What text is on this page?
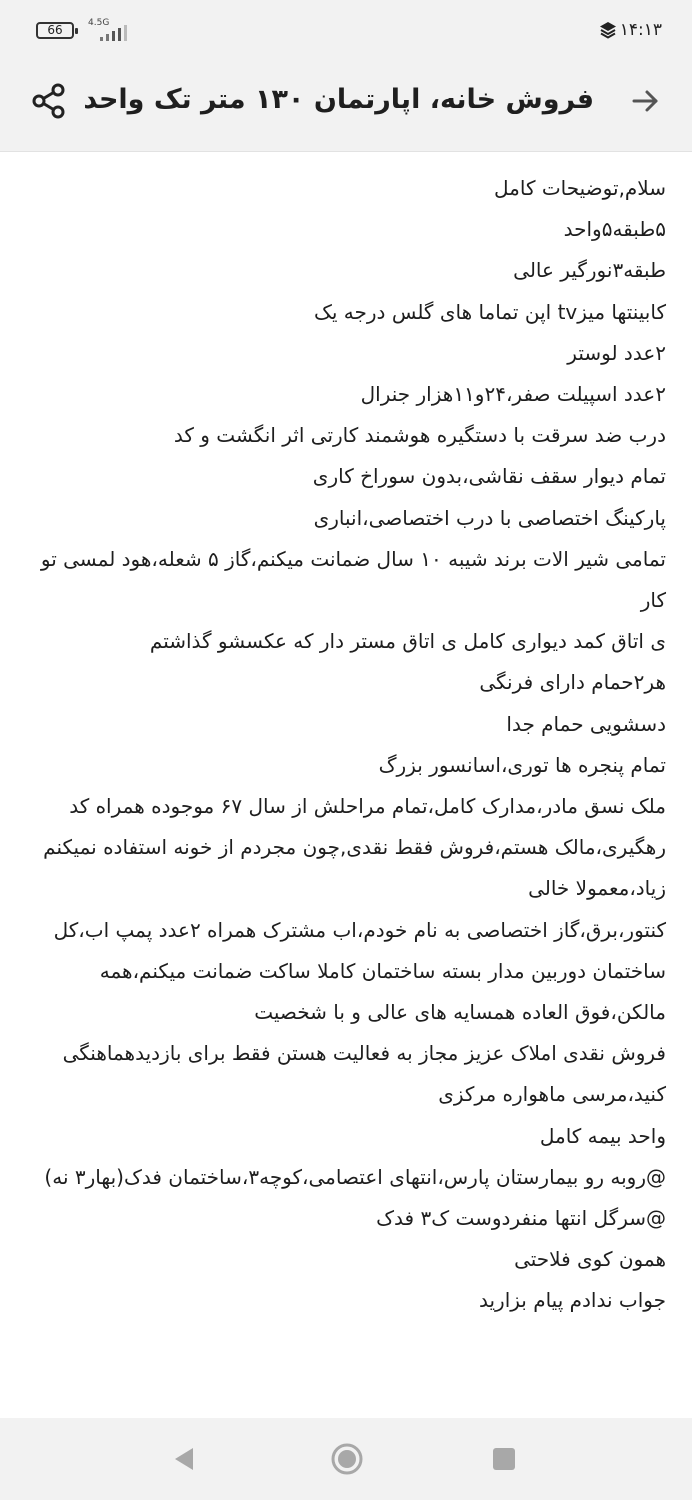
66	4.5G	۱۴:۱۳
فروش خانه، اپارتمان ۱۳۰ متر تک واحد

سلام,توضیحات کامل

۵طبقه۵واحد

طبقه۳نورگیر عالی

کابینتها میزtv اپن تماما های گلس درجه یک

۲عدد لوستر

۲عدد اسپیلت صفر،۲۴و۱۱هزار جنرال

درب ضد سرقت با دستگیره هوشمند کارتی اثر انگشت و کد

تمام دیوار سقف نقاشی،بدون سوراخ کاری

پارکینگ اختصاصی با درب اختصاصی،انباری

تمامی شیر الات برند شیبه ۱۰ سال ضمانت میکنم،گاز ۵ شعله،هود لمسی تو کار

ی اتاق کمد دیواری کامل ی اتاق مستر دار که عکسشو گذاشتم

هر۲حمام دارای فرنگی

دسشویی حمام جدا

تمام پنجره ها توری،اسانسور بزرگ

ملک نسق مادر،مدارک کامل،تمام مراحلش از سال ۶۷ موجوده همراه کد رهگیری،مالک هستم،فروش فقط نقدی,چون مجردم از خونه استفاده نمیکنم زیاد،معمولا خالی

کنتور،برق،گاز اختصاصی به نام خودم،اب مشترک همراه ۲عدد پمپ اب،کل ساختمان دوربین مدار بسته ساختمان کاملا ساکت ضمانت میکنم،همه مالکن،فوق العاده همسایه های عالی و با شخصیت

فروش نقدی املاک عزیز مجاز به فعالیت هستن فقط برای بازدیدهماهنگی کنید،مرسی ماهواره مرکزی

واحد بیمه کامل

@روبه رو بیمارستان پارس،انتهای اعتصامی،کوچه۳،ساختمان فدک(بهار۳ نه)

@سرگل انتها منفردوست ک۳ فدک

همون کوی فلاحتی

جواب ندادم پیام بزارید
